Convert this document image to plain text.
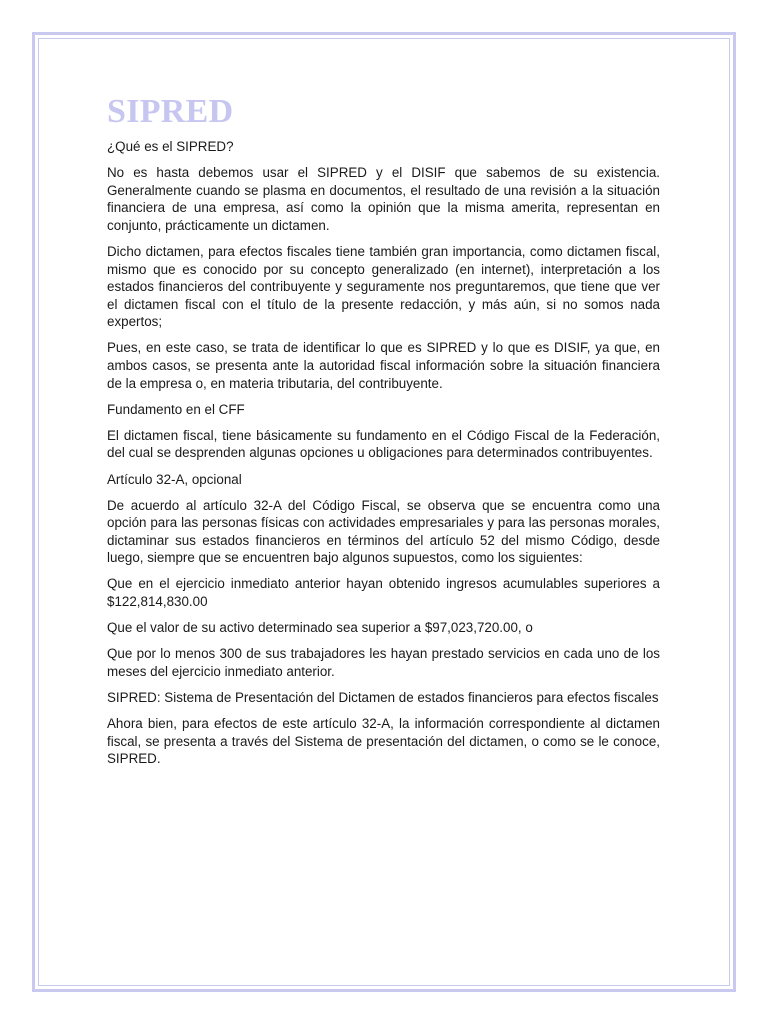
SIPRED

¿Qué es el SIPRED?

No es hasta debemos usar el SIPRED y el DISIF que sabemos de su existencia. Generalmente cuando se plasma en documentos, el resultado de una revisión a la situación financiera de una empresa, así como la opinión que la misma amerita, representan en conjunto, prácticamente un dictamen.

Dicho dictamen, para efectos fiscales tiene también gran importancia, como dictamen fiscal, mismo que es conocido por su concepto generalizado (en internet), interpretación a los estados financieros del contribuyente y seguramente nos preguntaremos, que tiene que ver el dictamen fiscal con el título de la presente redacción, y más aún, si no somos nada expertos;

Pues, en este caso, se trata de identificar lo que es SIPRED y lo que es DISIF, ya que, en ambos casos, se presenta ante la autoridad fiscal información sobre la situación financiera de la empresa o, en materia tributaria, del contribuyente.

Fundamento en el CFF

El dictamen fiscal, tiene básicamente su fundamento en el Código Fiscal de la Federación, del cual se desprenden algunas opciones u obligaciones para determinados contribuyentes.

Artículo 32-A, opcional

De acuerdo al artículo 32-A del Código Fiscal, se observa que se encuentra como una opción para las personas físicas con actividades empresariales y para las personas morales, dictaminar sus estados financieros en términos del artículo 52 del mismo Código, desde luego, siempre que se encuentren bajo algunos supuestos, como los siguientes:

Que en el ejercicio inmediato anterior hayan obtenido ingresos acumulables superiores a $122,814,830.00

Que el valor de su activo determinado sea superior a $97,023,720.00, o

Que por lo menos 300 de sus trabajadores les hayan prestado servicios en cada uno de los meses del ejercicio inmediato anterior.

SIPRED: Sistema de Presentación del Dictamen de estados financieros para efectos fiscales

Ahora bien, para efectos de este artículo 32-A, la información correspondiente al dictamen fiscal, se presenta a través del Sistema de presentación del dictamen, o como se le conoce, SIPRED.
